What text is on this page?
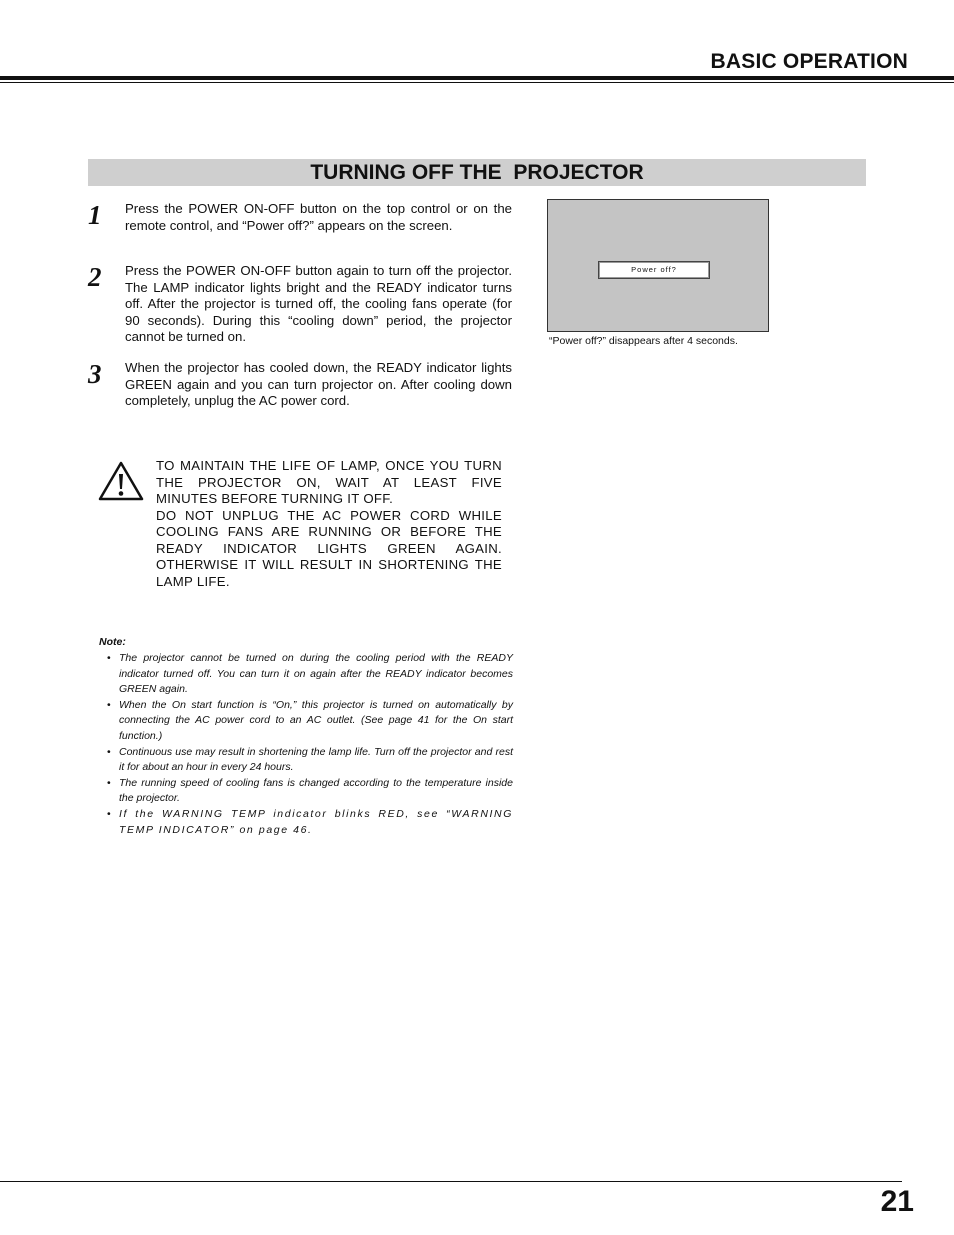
BASIC OPERATION
TURNING OFF THE  PROJECTOR
1 Press the POWER ON-OFF button on the top control or on the remote control, and “Power off?” appears on the screen.
2 Press the POWER ON-OFF button again to turn off the projector. The LAMP indicator lights bright and the READY indicator turns off. After the projector is turned off, the cooling fans operate (for 90 seconds). During this “cooling down” period, the projector cannot be turned on.
3 When the projector has cooled down, the READY indicator lights GREEN again and you can turn projector on. After cooling down completely, unplug the AC power cord.
Power off?
“Power off?” disappears after 4 seconds.
TO MAINTAIN THE LIFE OF LAMP, ONCE YOU TURN THE PROJECTOR ON, WAIT AT LEAST FIVE MINUTES BEFORE TURNING IT OFF.
DO NOT UNPLUG THE AC POWER CORD WHILE COOLING FANS ARE RUNNING OR BEFORE THE READY INDICATOR LIGHTS GREEN AGAIN. OTHERWISE IT WILL RESULT IN SHORTENING THE LAMP LIFE.
Note:
• The projector cannot be turned on during the cooling period with the READY indicator turned off. You can turn it on again after the READY indicator becomes GREEN again.
• When the On start function is “On,” this projector is turned on automatically by connecting the AC power cord to an AC outlet. (See page 41 for the On start function.)
• Continuous use may result in shortening the lamp life. Turn off the projector and rest it for about an hour in every 24 hours.
• The running speed of cooling fans is changed according to the temperature inside the projector.
• If the WARNING TEMP indicator blinks RED, see “WARNING TEMP INDICATOR” on page 46.
21
